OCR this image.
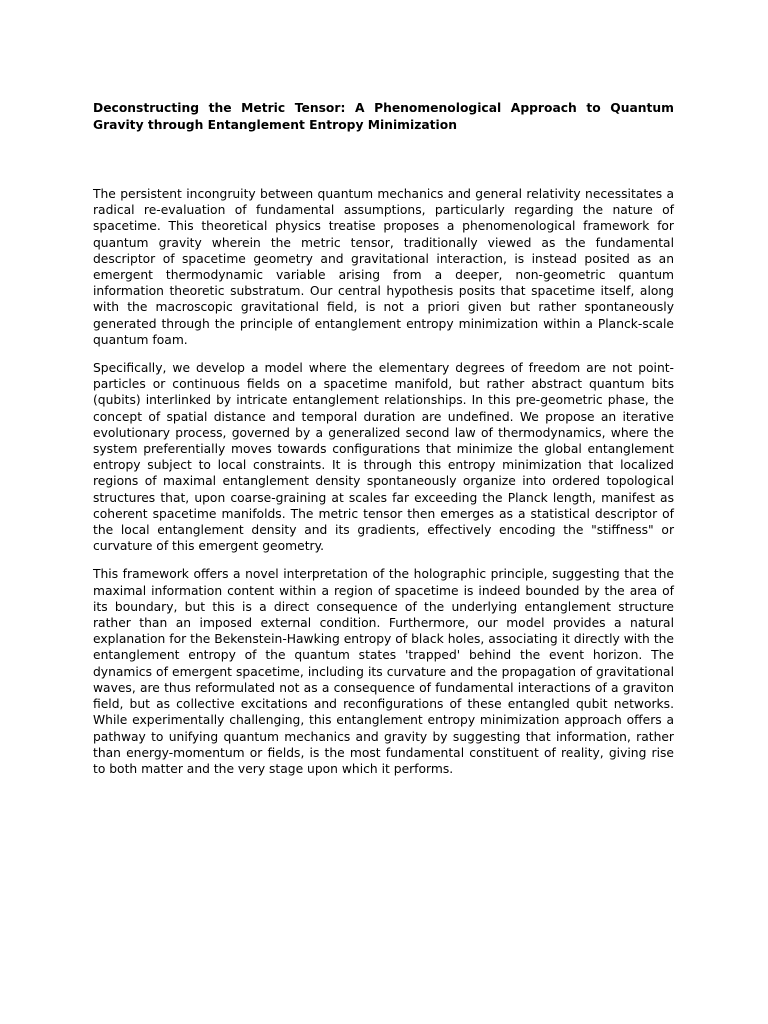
Deconstructing the Metric Tensor: A Phenomenological Approach to Quantum Gravity through Entanglement Entropy Minimization

The persistent incongruity between quantum mechanics and general relativity necessitates a radical re-evaluation of fundamental assumptions, particularly regarding the nature of spacetime. This theoretical physics treatise proposes a phenomenological framework for quantum gravity wherein the metric tensor, traditionally viewed as the fundamental descriptor of spacetime geometry and gravitational interaction, is instead posited as an emergent thermodynamic variable arising from a deeper, non-geometric quantum information theoretic substratum. Our central hypothesis posits that spacetime itself, along with the macroscopic gravitational field, is not a priori given but rather spontaneously generated through the principle of entanglement entropy minimization within a Planck-scale quantum foam.

Specifically, we develop a model where the elementary degrees of freedom are not point-particles or continuous fields on a spacetime manifold, but rather abstract quantum bits (qubits) interlinked by intricate entanglement relationships. In this pre-geometric phase, the concept of spatial distance and temporal duration are undefined. We propose an iterative evolutionary process, governed by a generalized second law of thermodynamics, where the system preferentially moves towards configurations that minimize the global entanglement entropy subject to local constraints. It is through this entropy minimization that localized regions of maximal entanglement density spontaneously organize into ordered topological structures that, upon coarse-graining at scales far exceeding the Planck length, manifest as coherent spacetime manifolds. The metric tensor then emerges as a statistical descriptor of the local entanglement density and its gradients, effectively encoding the "stiffness" or curvature of this emergent geometry.

This framework offers a novel interpretation of the holographic principle, suggesting that the maximal information content within a region of spacetime is indeed bounded by the area of its boundary, but this is a direct consequence of the underlying entanglement structure rather than an imposed external condition. Furthermore, our model provides a natural explanation for the Bekenstein-Hawking entropy of black holes, associating it directly with the entanglement entropy of the quantum states 'trapped' behind the event horizon. The dynamics of emergent spacetime, including its curvature and the propagation of gravitational waves, are thus reformulated not as a consequence of fundamental interactions of a graviton field, but as collective excitations and reconfigurations of these entangled qubit networks. While experimentally challenging, this entanglement entropy minimization approach offers a pathway to unifying quantum mechanics and gravity by suggesting that information, rather than energy-momentum or fields, is the most fundamental constituent of reality, giving rise to both matter and the very stage upon which it performs.
